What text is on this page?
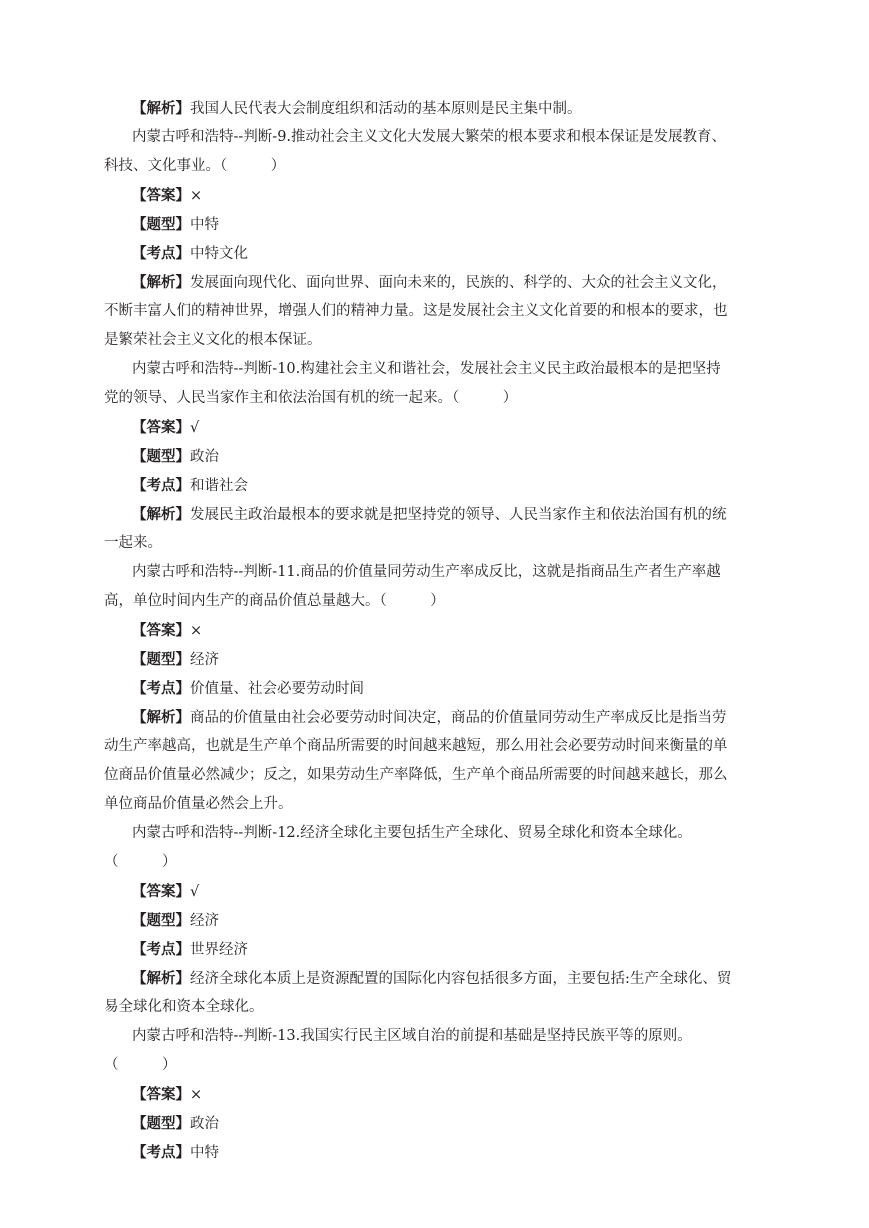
【解析】我国人民代表大会制度组织和活动的基本原则是民主集中制。
内蒙古呼和浩特--判断-9.推动社会主义文化大发展大繁荣的根本要求和根本保证是发展教育、
科技、文化事业。（　　　）
【答案】×
【题型】中特
【考点】中特文化
【解析】发展面向现代化、面向世界、面向未来的，民族的、科学的、大众的社会主义文化，
不断丰富人们的精神世界，增强人们的精神力量。这是发展社会主义文化首要的和根本的要求，也
是繁荣社会主义文化的根本保证。
内蒙古呼和浩特--判断-10.构建社会主义和谐社会，发展社会主义民主政治最根本的是把坚持
党的领导、人民当家作主和依法治国有机的统一起来。（　　　）
【答案】√
【题型】政治
【考点】和谐社会
【解析】发展民主政治最根本的要求就是把坚持党的领导、人民当家作主和依法治国有机的统
一起来。
内蒙古呼和浩特--判断-11.商品的价值量同劳动生产率成反比，这就是指商品生产者生产率越
高，单位时间内生产的商品价值总量越大。（　　　）
【答案】×
【题型】经济
【考点】价值量、社会必要劳动时间
【解析】商品的价值量由社会必要劳动时间决定，商品的价值量同劳动生产率成反比是指当劳
动生产率越高，也就是生产单个商品所需要的时间越来越短，那么用社会必要劳动时间来衡量的单
位商品价值量必然减少；反之，如果劳动生产率降低，生产单个商品所需要的时间越来越长，那么
单位商品价值量必然会上升。
内蒙古呼和浩特--判断-12.经济全球化主要包括生产全球化、贸易全球化和资本全球化。
（　　　）
【答案】√
【题型】经济
【考点】世界经济
【解析】经济全球化本质上是资源配置的国际化内容包括很多方面，主要包括:生产全球化、贸
易全球化和资本全球化。
内蒙古呼和浩特--判断-13.我国实行民主区域自治的前提和基础是坚持民族平等的原则。
（　　　）
【答案】×
【题型】政治
【考点】中特
